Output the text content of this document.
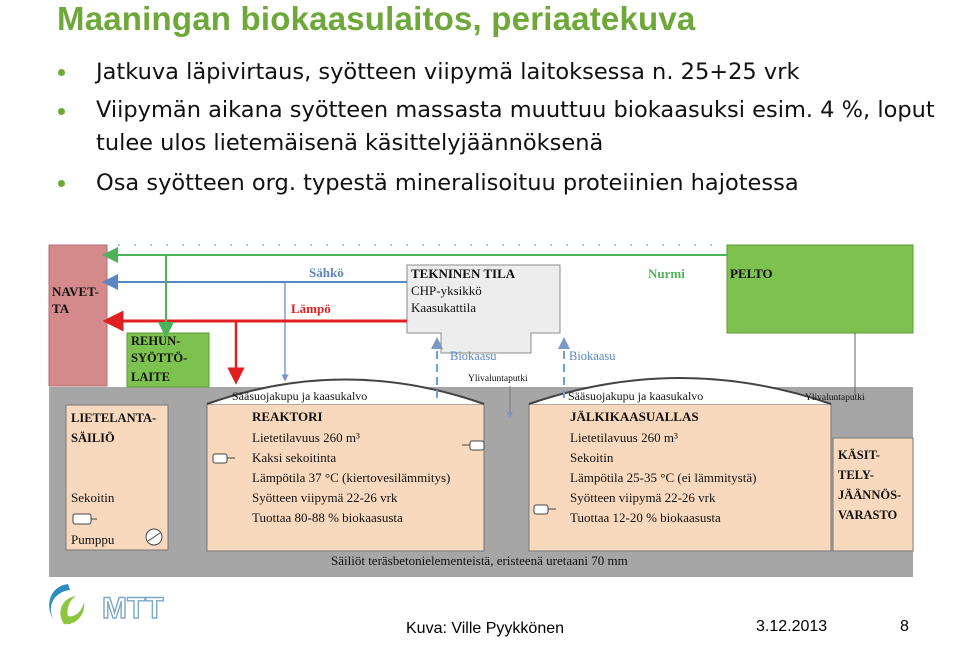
Maaningan biokaasulaitos, periaatekuva
Jatkuva läpivirtaus, syötteen viipymä laitoksessa n. 25+25 vrk
Viipymän aikana syötteen massasta muuttuu biokaasuksi esim. 4 %, loput tulee ulos lietemäisenä käsittelyjäännöksenä
Osa syötteen org. typestä mineralisoituu proteiinien hajotessa
NAVET-TA
PELTO
REHUN-SYÖTTÖ-LAITE
TEKNINEN TILA
CHP-yksikkö
Kaasukattila
Sähkö
Lämpö
Nurmi
LIETELANTA-SÄILIÖ
Sekoitin
Pumppu
Sääsuojakupu ja kaasukalvo
REAKTORI
Lietetilavuus 260 m³
Kaksi sekoitinta
Lämpötila 37 °C (kiertovesilämmitys)
Syötteen viipymä 22-26 vrk
Tuottaa 80-88 % biokaasusta
Sääsuojakupu ja kaasukalvo
JÄLKIKAASUALLAS
Lietetilavuus 260 m³
Sekoitin
Lämpötila 25-35 °C (ei lämmitystä)
Syötteen viipymä 22-26 vrk
Tuottaa 12-20 % biokaasusta
KÄSIT-TELY-JÄÄNNÖS-VARASTO
Biokaasu	Biokaasu
Ylivaluntaputki
Ylivaluntaputki
Säiliöt teräsbetonielementeistä, eristeenä uretaani 70 mm
MTT
Kuva: Ville Pyykkönen	3.12.2013	8
